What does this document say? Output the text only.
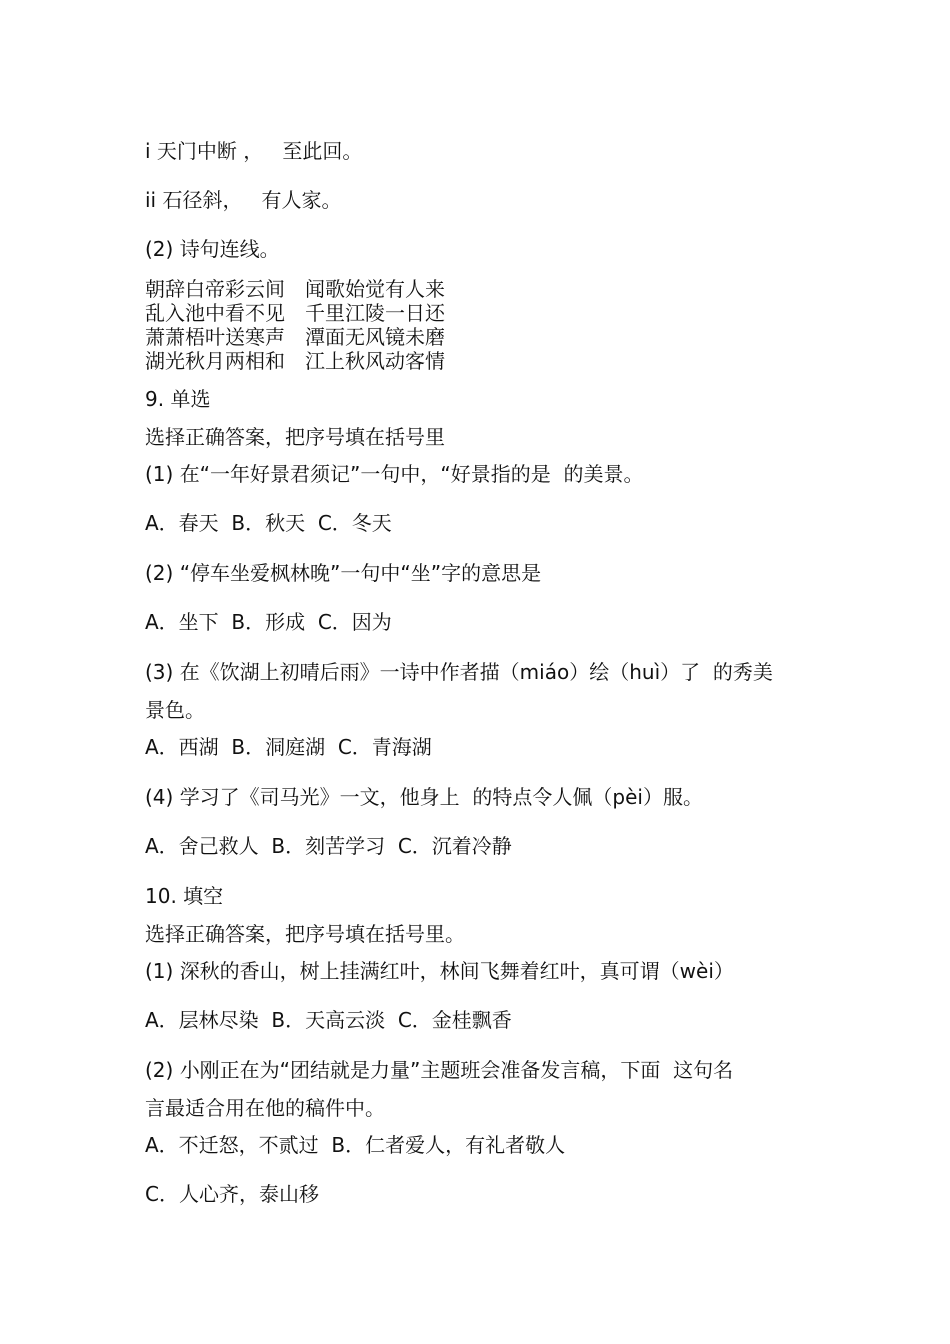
i 天门中断 ，   至此回。
ii 石径斜，   有人家。
(2) 诗句连线。
朝辞白帝彩云间 闻歌始觉有人来
乱入池中看不见 千里江陵一日还
萧萧梧叶送寒声 潭面无风镜未磨
湖光秋月两相和 江上秋风动客情
9. 单选
选择正确答案，把序号填在括号里
(1) 在“一年好景君须记”一句中，“好景指的是  的美景。
A．春天  B．秋天  C．冬天
(2) “停车坐爱枫林晚”一句中“坐”字的意思是
A．坐下  B．形成  C．因为
(3) 在《饮湖上初晴后雨》一诗中作者描（miáo）绘（huì）了  的秀美
景色。
A．西湖  B．洞庭湖  C．青海湖
(4) 学习了《司马光》一文，他身上  的特点令人佩（pèi）服。
A．舍己救人  B．刻苦学习  C．沉着冷静
10. 填空
选择正确答案，把序号填在括号里。
(1) 深秋的香山，树上挂满红叶，林间飞舞着红叶，真可谓（wèi）
A．层林尽染  B．天高云淡  C．金桂飘香
(2) 小刚正在为“团结就是力量”主题班会准备发言稿，下面  这句名
言最适合用在他的稿件中。
A．不迁怒，不贰过  B．仁者爱人，有礼者敬人
C．人心齐，泰山移
